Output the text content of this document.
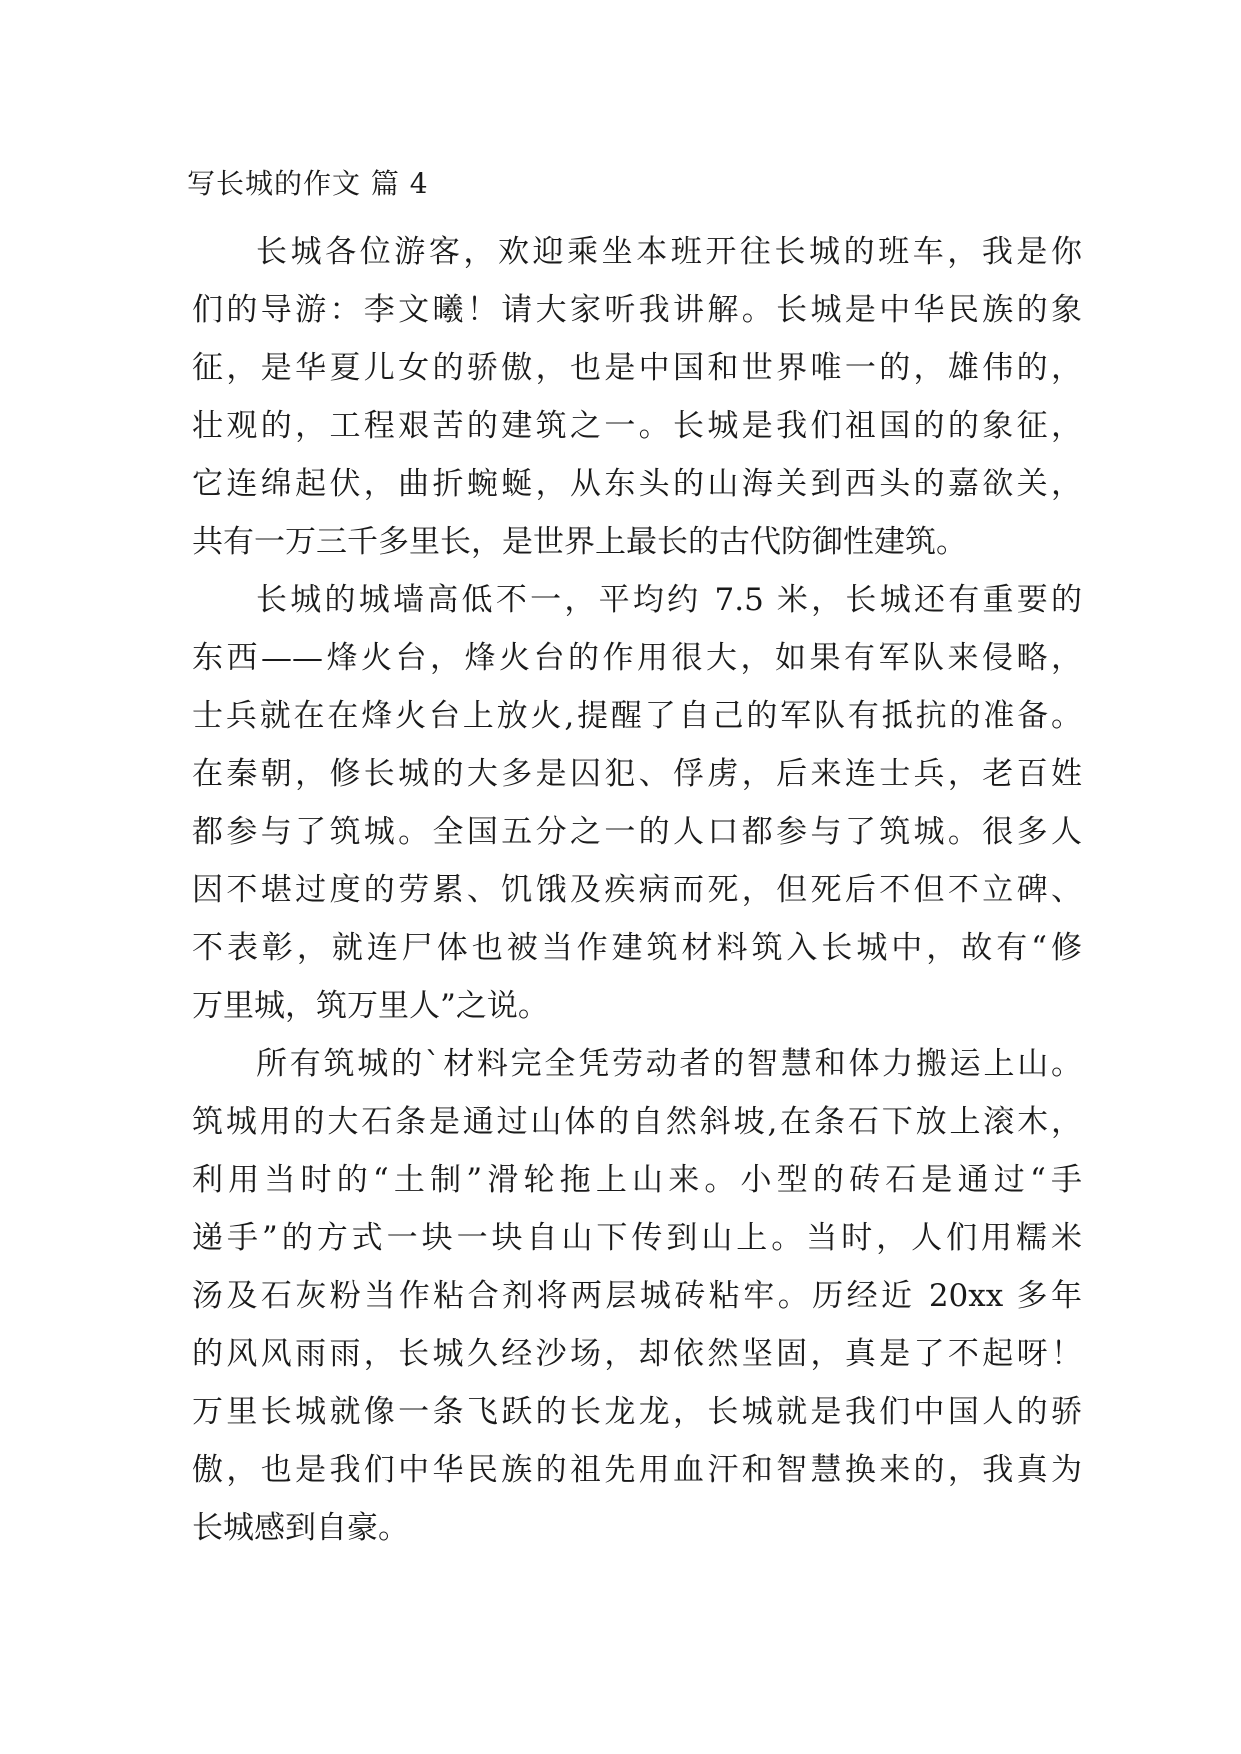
写长城的作文 篇 4
长城各位游客，欢迎乘坐本班开往长城的班车，我是你
们的导游：李文曦！请大家听我讲解。长城是中华民族的象
征，是华夏儿女的骄傲，也是中国和世界唯一的，雄伟的，
壮观的，工程艰苦的建筑之一。长城是我们祖国的的象征，
它连绵起伏，曲折蜿蜒，从东头的山海关到西头的嘉欲关，
共有一万三千多里长，是世界上最长的古代防御性建筑。
长城的城墙高低不一，平均约 7.5 米，长城还有重要的
东西——烽火台，烽火台的作用很大，如果有军队来侵略，
士兵就在在烽火台上放火,提醒了自己的军队有抵抗的准备。
在秦朝，修长城的大多是囚犯、俘虏，后来连士兵，老百姓
都参与了筑城。全国五分之一的人口都参与了筑城。很多人
因不堪过度的劳累、饥饿及疾病而死，但死后不但不立碑、
不表彰，就连尸体也被当作建筑材料筑入长城中，故有“修
万里城，筑万里人”之说。
所有筑城的`材料完全凭劳动者的智慧和体力搬运上山。
筑城用的大石条是通过山体的自然斜坡,在条石下放上滚木，
利用当时的“土制”滑轮拖上山来。小型的砖石是通过“手
递手”的方式一块一块自山下传到山上。当时，人们用糯米
汤及石灰粉当作粘合剂将两层城砖粘牢。历经近 20xx 多年
的风风雨雨，长城久经沙场，却依然坚固，真是了不起呀！
万里长城就像一条飞跃的长龙龙，长城就是我们中国人的骄
傲，也是我们中华民族的祖先用血汗和智慧换来的，我真为
长城感到自豪。
